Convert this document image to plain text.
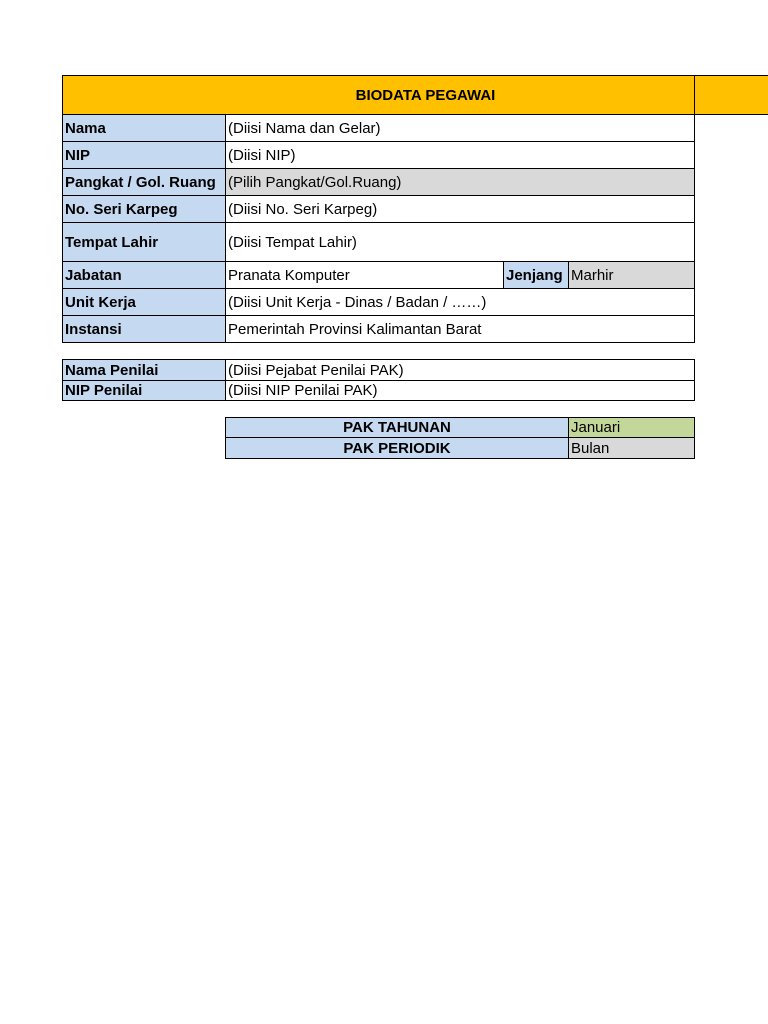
BIODATA PEGAWAI
Nama	(Diisi Nama dan Gelar)
NIP	(Diisi NIP)
Pangkat / Gol. Ruang (Pilih Pangkat/Gol.Ruang)
No. Seri Karpeg	(Diisi No. Seri Karpeg)
Tempat Lahir	(Diisi Tempat Lahir)
Jabatan	Pranata Komputer	Jenjang Marhir
Unit Kerja	(Diisi Unit Kerja - Dinas / Badan / ……)
Instansi	Pemerintah Provinsi Kalimantan Barat
Nama Penilai	(Diisi Pejabat Penilai PAK)
NIP Penilai	(Diisi NIP Penilai PAK)
PAK TAHUNAN	Januari
PAK PERIODIK	Bulan
